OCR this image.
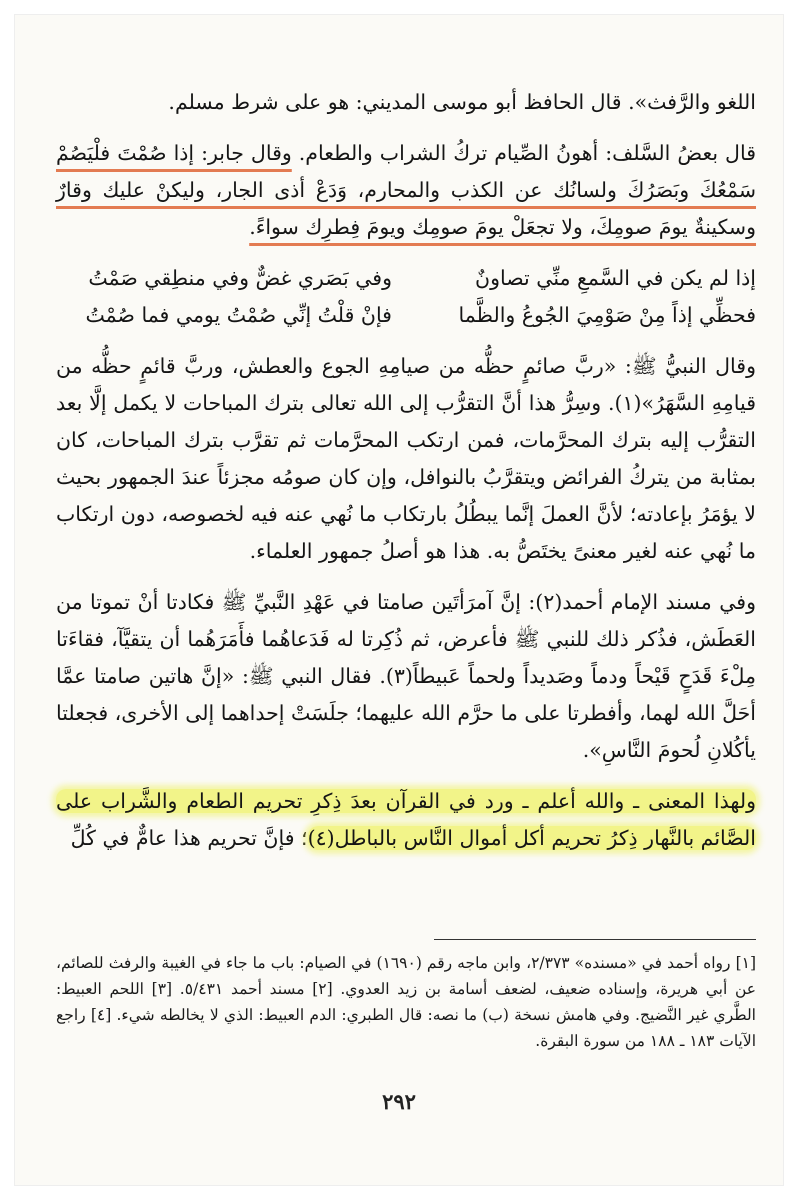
اللغو والرَّفث». قال الحافظ أبو موسى المديني: هو على شرط مسلم.

قال بعضُ السَّلف: أهونُ الصِّيام تركُ الشراب والطعام. وقال جابر: إذا صُمْتَ فلْيَصُمْ سَمْعُكَ وبَصَرُكَ ولسانُك عن الكذب والمحارم، وَدَعْ أذى الجار، وليكنْ عليك وقارٌ وسكينةٌ يومَ صومِكَ، ولا تجعَلْ يومَ صومِك ويومَ فِطرِك سواءً.

إذا لم يكن في السَّمعِ منِّي تصاونٌ
وفي بَصَري غضٌّ وفي منطِقي صَمْتُ
فحظِّي إذاً مِنْ صَوْمِيَ الجُوعُ والظَّما
فإنْ قلْتُ إنِّي صُمْتُ يومي فما صُمْتُ

وقال النبيُّ ﷺ: «ربَّ صائمٍ حظُّه من صيامِهِ الجوع والعطش، وربَّ قائمٍ حظُّه من قيامِهِ السَّهَرُ»(١). وسِرُّ هذا أنَّ التقرُّب إلى الله تعالى بترك المباحات لا يكمل إلَّا بعد التقرُّب إليه بترك المحرَّمات، فمن ارتكب المحرَّمات ثم تقرَّب بترك المباحات، كان بمثابة من يتركُ الفرائض ويتقرَّبُ بالنوافل، وإن كان صومُه مجزئاً عندَ الجمهور بحيث لا يؤمَرُ بإعادته؛ لأنَّ العملَ إنَّما يبطُلُ بارتكاب ما نُهي عنه فيه لخصوصه، دون ارتكاب ما نُهي عنه لغير معنىً يختَصُّ به. هذا هو أصلُ جمهور العلماء.

وفي مسند الإمام أحمد(٢): إنَّ آمرَأتَين صامتا في عَهْدِ النَّبيِّ ﷺ فكادتا أنْ تموتا من العَطَش، فذُكر ذلك للنبي ﷺ فأعرض، ثم ذُكِرتا له فَدَعاهُما فأَمَرَهُما أن يتقيَّآ، فقاءَتا مِلْءَ قَدَحٍ قَيْحاً ودماً وصَديداً ولحماً عَبيطاً(٣). فقال النبي ﷺ: «إنَّ هاتين صامتا عمَّا أحَلَّ الله لهما، وأفطرتا على ما حرَّم الله عليهما؛ جلَسَتْ إحداهما إلى الأخرى، فجعلتا يأكُلانِ لُحومَ النَّاسِ».

ولهذا المعنى ـ والله أعلم ـ ورد في القرآن بعدَ ذِكرِ تحريم الطعام والشَّراب على الصَّائم بالنَّهار ذِكرُ تحريم أكل أموال النَّاس بالباطل(٤)؛ فإنَّ تحريم هذا عامٌّ في كُلِّ

[١] رواه أحمد في «مسنده» ٢/٣٧٣، وابن ماجه رقم (١٦٩٠) في الصيام: باب ما جاء في الغيبة والرفث للصائم، عن أبي هريرة، وإسناده ضعيف، لضعف أسامة بن زيد العدوي. [٢] مسند أحمد ٥/٤٣١. [٣] اللحم العبيط: الطَّري غير النَّضيج. وفي هامش نسخة (ب) ما نصه: قال الطبري: الدم العبيط: الذي لا يخالطه شيء. [٤] راجع الآيات ١٨٣ ـ ١٨٨ من سورة البقرة.
٢٩٢
